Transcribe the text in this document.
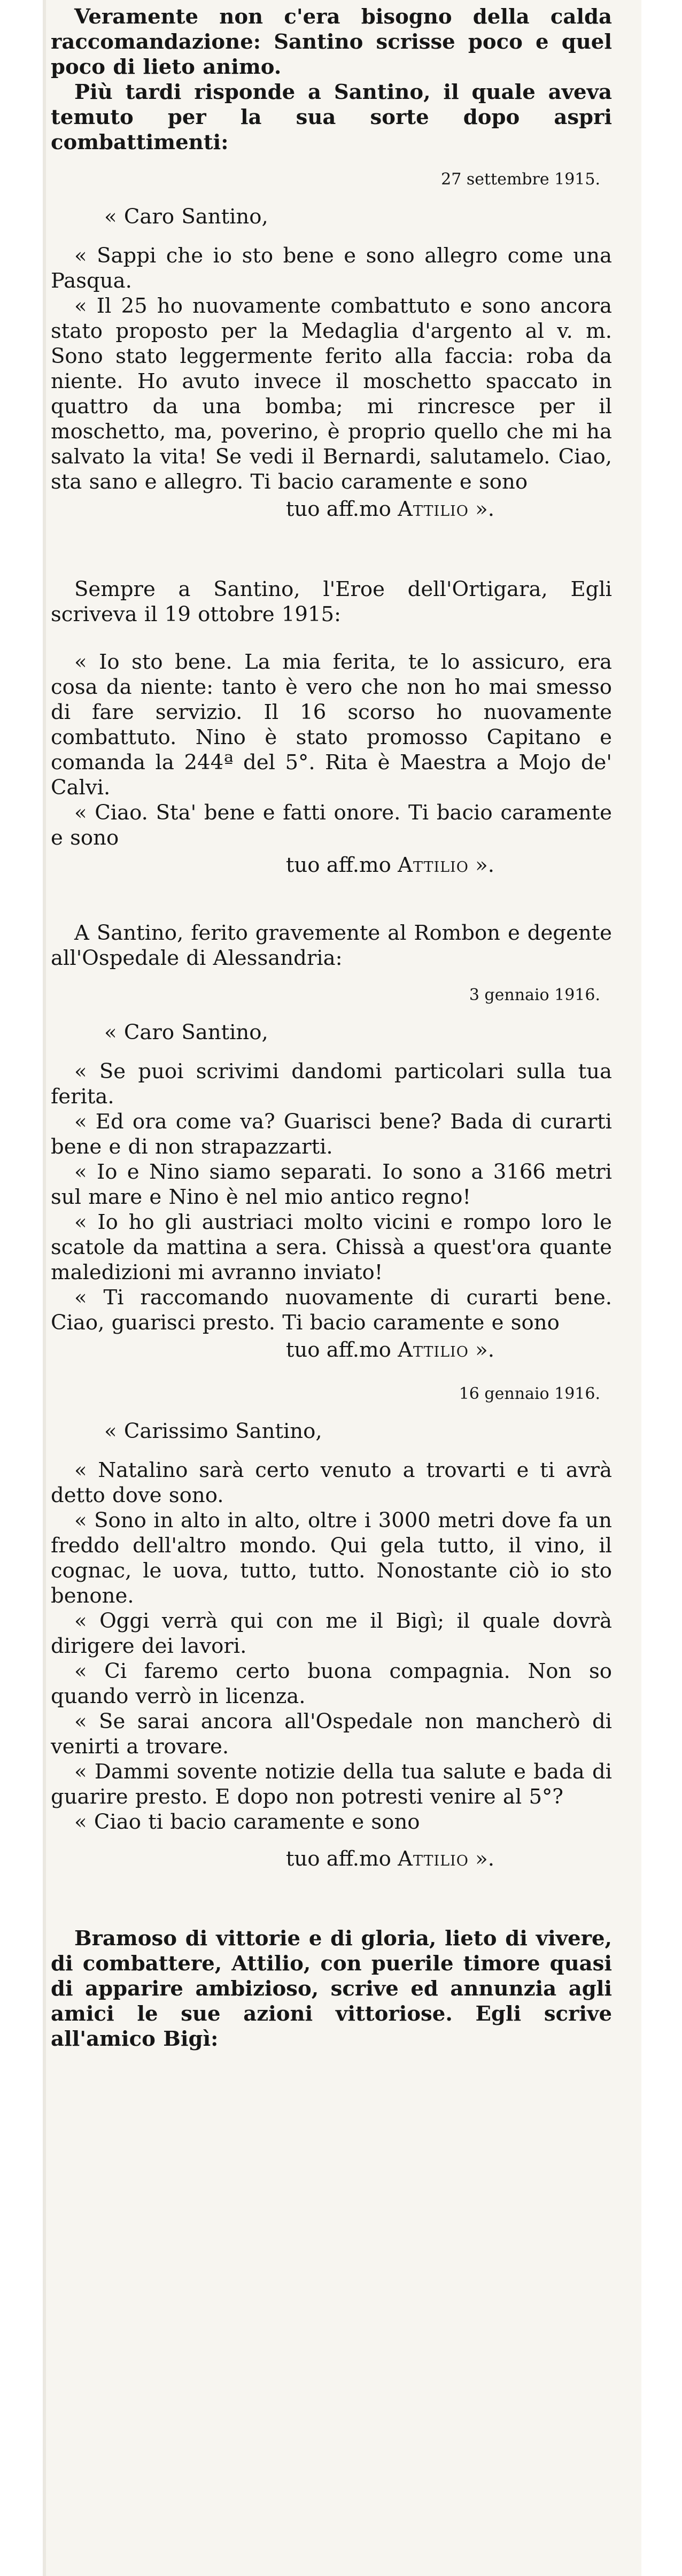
Veramente non c'era bisogno della calda raccomandazione: Santino scrisse poco e quel poco di lieto animo.

Più tardi risponde a Santino, il quale aveva temuto per la sua sorte dopo aspri combattimenti:

27 settembre 1915.

« Caro Santino,

« Sappi che io sto bene e sono allegro come una Pasqua.

« Il 25 ho nuovamente combattuto e sono ancora stato proposto per la Medaglia d'argento al v. m. Sono stato leggermente ferito alla faccia: roba da niente. Ho avuto invece il moschetto spaccato in quattro da una bomba; mi rincresce per il moschetto, ma, poverino, è proprio quello che mi ha salvato la vita! Se vedi il Bernardi, salutamelo. Ciao, sta sano e allegro. Ti bacio caramente e sono

tuo aff.mo Attilio ».

Sempre a Santino, l'Eroe dell'Ortigara, Egli scriveva il 19 ottobre 1915:

« Io sto bene. La mia ferita, te lo assicuro, era cosa da niente: tanto è vero che non ho mai smesso di fare servizio. Il 16 scorso ho nuovamente combattuto. Nino è stato promosso Capitano e comanda la 244ª del 5°. Rita è Maestra a Mojo de' Calvi.

« Ciao. Sta' bene e fatti onore. Ti bacio caramente e sono

tuo aff.mo Attilio ».

A Santino, ferito gravemente al Rombon e degente all'Ospedale di Alessandria:

3 gennaio 1916.

« Caro Santino,

« Se puoi scrivimi dandomi particolari sulla tua ferita.

« Ed ora come va? Guarisci bene? Bada di curarti bene e di non strapazzarti.

« Io e Nino siamo separati. Io sono a 3166 metri sul mare e Nino è nel mio antico regno!

« Io ho gli austriaci molto vicini e rompo loro le scatole da mattina a sera. Chissà a quest'ora quante maledizioni mi avranno inviato!

« Ti raccomando nuovamente di curarti bene. Ciao, guarisci presto. Ti bacio caramente e sono

tuo aff.mo Attilio ».

16 gennaio 1916.

« Carissimo Santino,

« Natalino sarà certo venuto a trovarti e ti avrà detto dove sono.

« Sono in alto in alto, oltre i 3000 metri dove fa un freddo dell'altro mondo. Qui gela tutto, il vino, il cognac, le uova, tutto, tutto. Nonostante ciò io sto benone.

« Oggi verrà qui con me il Bigì; il quale dovrà dirigere dei lavori.

« Ci faremo certo buona compagnia. Non so quando verrò in licenza.

« Se sarai ancora all'Ospedale non mancherò di venirti a trovare.

« Dammi sovente notizie della tua salute e bada di guarire presto. E dopo non potresti venire al 5°?

« Ciao ti bacio caramente e sono

tuo aff.mo Attilio ».

Bramoso di vittorie e di gloria, lieto di vivere, di combattere, Attilio, con puerile timore quasi di apparire ambizioso, scrive ed annunzia agli amici le sue azioni vittoriose. Egli scrive all'amico Bigì:
